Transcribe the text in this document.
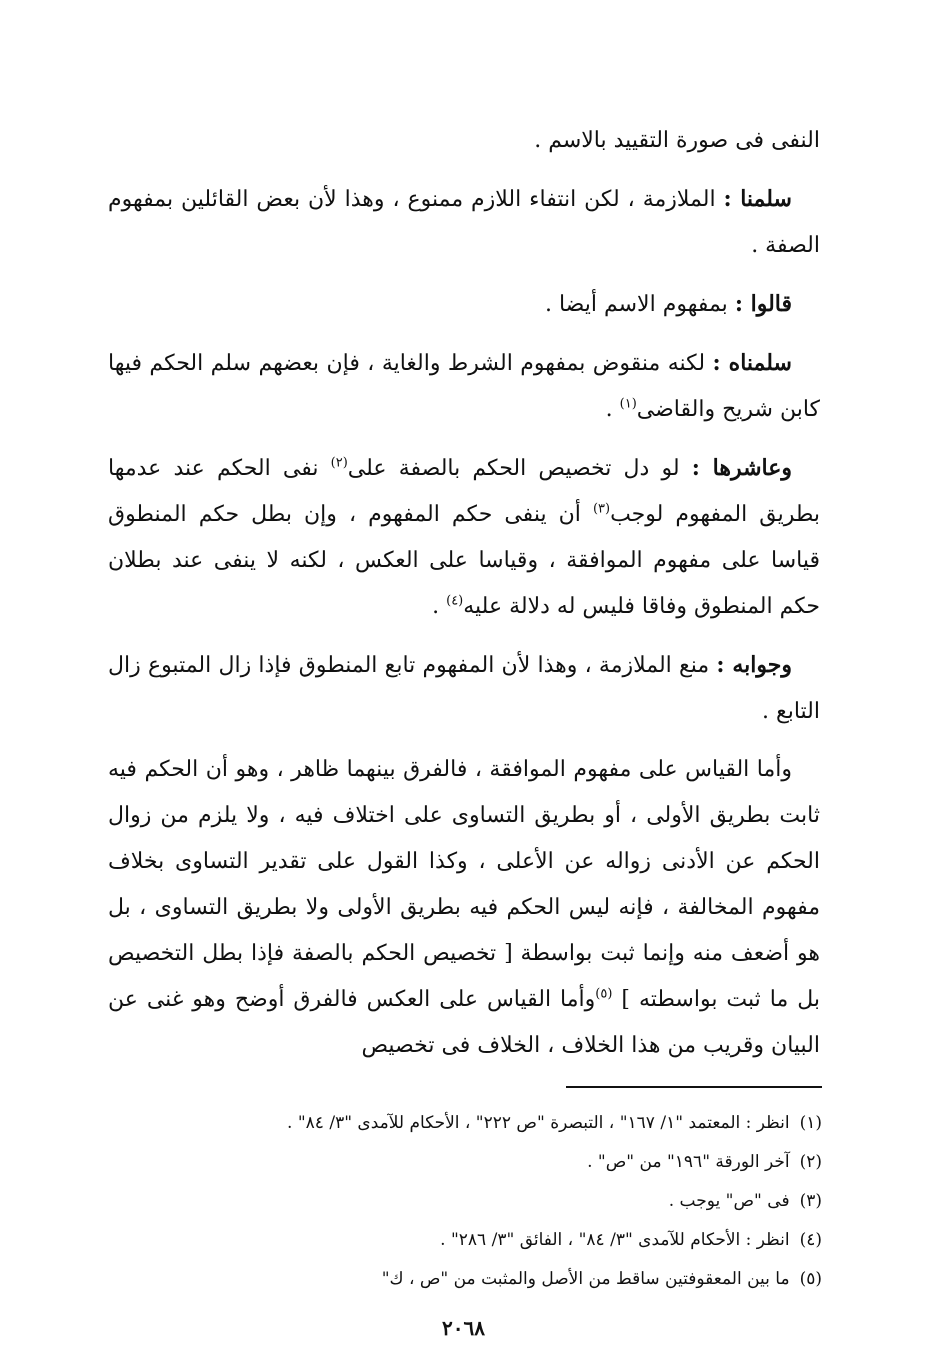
النفى فى صورة التقييد بالاسم .

سلمنا : الملازمة ، لكن انتفاء اللازم ممنوع ، وهذا لأن بعض القائلين بمفهوم الصفة .

قالوا : بمفهوم الاسم أيضا .

سلمناه : لكنه منقوض بمفهوم الشرط والغاية ، فإن بعضهم سلم الحكم فيها كابن شريح والقاضى$^{(١)}$ .

وعاشرها : لو دل تخصيص الحكم بالصفة على$^{(٢)}$ نفى الحكم عند عدمها بطريق المفهوم لوجب$^{(٣)}$ أن ينفى حكم المفهوم ، وإن بطل حكم المنطوق قياسا على مفهوم الموافقة ، وقياسا على العكس ، لكنه لا ينفى عند بطلان حكم المنطوق وفاقا فليس له دلالة عليه$^{(٤)}$ .

وجوابه : منع الملازمة ، وهذا لأن المفهوم تابع المنطوق فإذا زال المتبوع زال التابع .

وأما القياس على مفهوم الموافقة ، فالفرق بينهما ظاهر ، وهو أن الحكم فيه ثابت بطريق الأولى ، أو بطريق التساوى على اختلاف فيه ، ولا يلزم من زوال الحكم عن الأدنى زواله عن الأعلى ، وكذا القول على تقدير التساوى بخلاف مفهوم المخالفة ، فإنه ليس الحكم فيه بطريق الأولى ولا بطريق التساوى ، بل هو أضعف منه وإنما ثبت بواسطة [ تخصيص الحكم بالصفة فإذا بطل التخصيص بل ما ثبت بواسطته ] $^{(٥)}$وأما القياس على العكس فالفرق أوضح وهو غنى عن البيان وقريب من هذا الخلاف ، الخلاف فى تخصيص

(١)انظر : المعتمد "١/ ١٦٧" ، التبصرة "ص ٢٢٢" ، الأحكام للآمدى "٣/ ٨٤" .
(٢)آخر الورقة "١٩٦" من "ص" .
(٣)فى "ص" يوجب .
(٤)انظر : الأحكام للآمدى "٣/ ٨٤" ، الفائق "٣/ ٢٨٦" .
(٥)ما بين المعقوفتين ساقط من الأصل والمثبت من "ص ، ك"
٢٠٦٨
